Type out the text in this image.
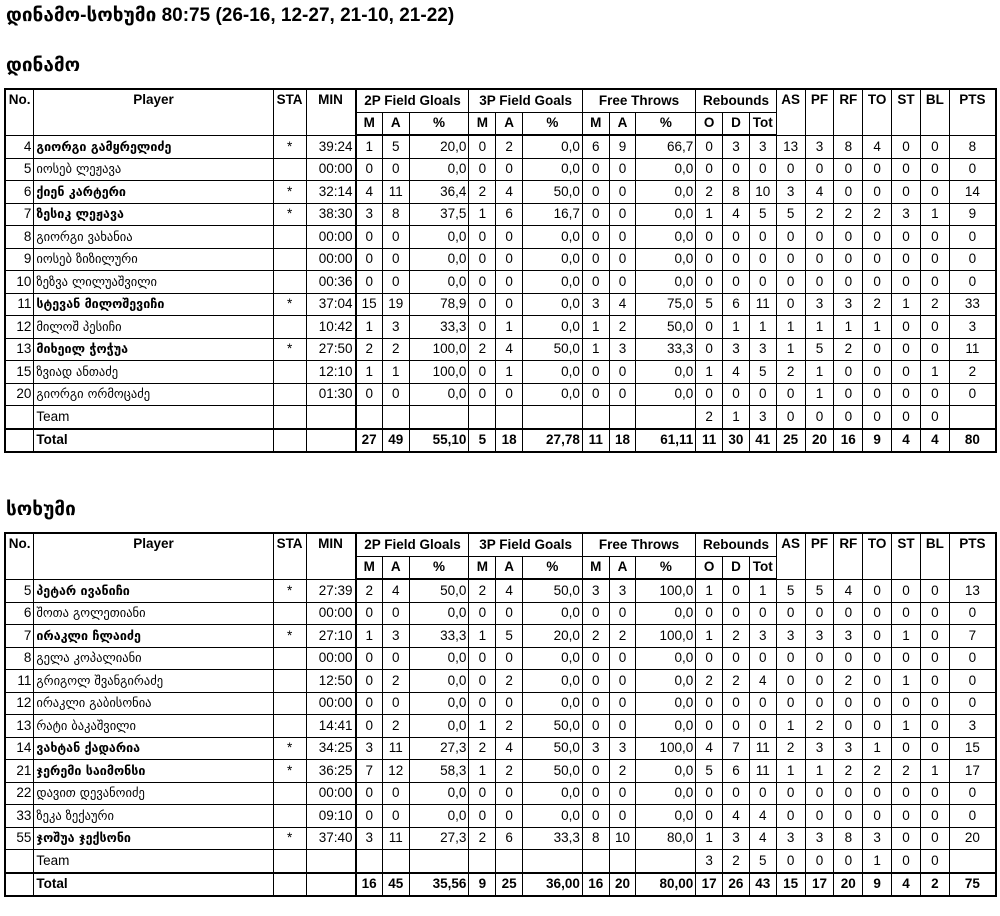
დინამო-სოხუმი 80:75 (26-16, 12-27, 21-10, 21-22)
დინამო
No.	Player	STA	MIN	2P Field Gloals			3P Field Goals			Free Throws			Rebounds			AS	PF	RF	TO	ST	BL	PTS
				M	A	%	M	A	%	M	A	%	O	D	Tot							
4	გიორგი გამყრელიძე	*	39:24	1	5	20,0	0	2	0,0	6	9	66,7	0	3	3	13	3	8	4	0	0	8
5	იოსებ ლეჟავა		00:00	0	0	0,0	0	0	0,0	0	0	0,0	0	0	0	0	0	0	0	0	0	0
6	ქიენ კარტერი	*	32:14	4	11	36,4	2	4	50,0	0	0	0,0	2	8	10	3	4	0	0	0	0	14
7	ზესიკ ლეჟავა	*	38:30	3	8	37,5	1	6	16,7	0	0	0,0	1	4	5	5	2	2	2	3	1	9
8	გიორგი ვახანია		00:00	0	0	0,0	0	0	0,0	0	0	0,0	0	0	0	0	0	0	0	0	0	0
9	იოსებ ზიზილური		00:00	0	0	0,0	0	0	0,0	0	0	0,0	0	0	0	0	0	0	0	0	0	0
10	ზეზვა ლილუაშვილი		00:36	0	0	0,0	0	0	0,0	0	0	0,0	0	0	0	0	0	0	0	0	0	0
11	სტევან მილოშევიჩი	*	37:04	15	19	78,9	0	0	0,0	3	4	75,0	5	6	11	0	3	3	2	1	2	33
12	მილოშ პესიჩი		10:42	1	3	33,3	0	1	0,0	1	2	50,0	0	1	1	1	1	1	1	0	0	3
13	მიხეილ ჭოჭუა	*	27:50	2	2	100,0	2	4	50,0	1	3	33,3	0	3	3	1	5	2	0	0	0	11
15	ზვიად ანთაძე		12:10	1	1	100,0	0	1	0,0	0	0	0,0	1	4	5	2	1	0	0	0	1	2
20	გიორგი ორმოცაძე		01:30	0	0	0,0	0	0	0,0	0	0	0,0	0	0	0	0	1	0	0	0	0	0
	Team												2	1	3	0	0	0	0	0	0	
	Total			27	49	55,10	5	18	27,78	11	18	61,11	11	30	41	25	20	16	9	4	4	80
სოხუმი
No.	Player	STA	MIN	2P Field Gloals			3P Field Goals			Free Throws			Rebounds			AS	PF	RF	TO	ST	BL	PTS
				M	A	%	M	A	%	M	A	%	O	D	Tot							
5	პეტარ ივანიჩი	*	27:39	2	4	50,0	2	4	50,0	3	3	100,0	1	0	1	5	5	4	0	0	0	13
6	შოთა გოლეთიანი		00:00	0	0	0,0	0	0	0,0	0	0	0,0	0	0	0	0	0	0	0	0	0	0
7	ირაკლი ჩლაიძე	*	27:10	1	3	33,3	1	5	20,0	2	2	100,0	1	2	3	3	3	3	0	1	0	7
8	გელა კოპალიანი		00:00	0	0	0,0	0	0	0,0	0	0	0,0	0	0	0	0	0	0	0	0	0	0
11	გრიგოლ შვანგირაძე		12:50	0	2	0,0	0	2	0,0	0	0	0,0	2	2	4	0	0	2	0	1	0	0
12	ირაკლი გაბისონია		00:00	0	0	0,0	0	0	0,0	0	0	0,0	0	0	0	0	0	0	0	0	0	0
13	რატი ბაკაშვილი		14:41	0	2	0,0	1	2	50,0	0	0	0,0	0	0	0	1	2	0	0	1	0	3
14	ვახტან ქადარია	*	34:25	3	11	27,3	2	4	50,0	3	3	100,0	4	7	11	2	3	3	1	0	0	15
21	ჯერემი საიმონსი	*	36:25	7	12	58,3	1	2	50,0	0	2	0,0	5	6	11	1	1	2	2	2	1	17
22	დავით დევანოიძე		00:00	0	0	0,0	0	0	0,0	0	0	0,0	0	0	0	0	0	0	0	0	0	0
33	ზეკა ზექაური		09:10	0	0	0,0	0	0	0,0	0	0	0,0	0	4	4	0	0	0	0	0	0	0
55	ჯოშუა ჯექსონი	*	37:40	3	11	27,3	2	6	33,3	8	10	80,0	1	3	4	3	3	8	3	0	0	20
	Team												3	2	5	0	0	0	1	0	0	
	Total			16	45	35,56	9	25	36,00	16	20	80,00	17	26	43	15	17	20	9	4	2	75
